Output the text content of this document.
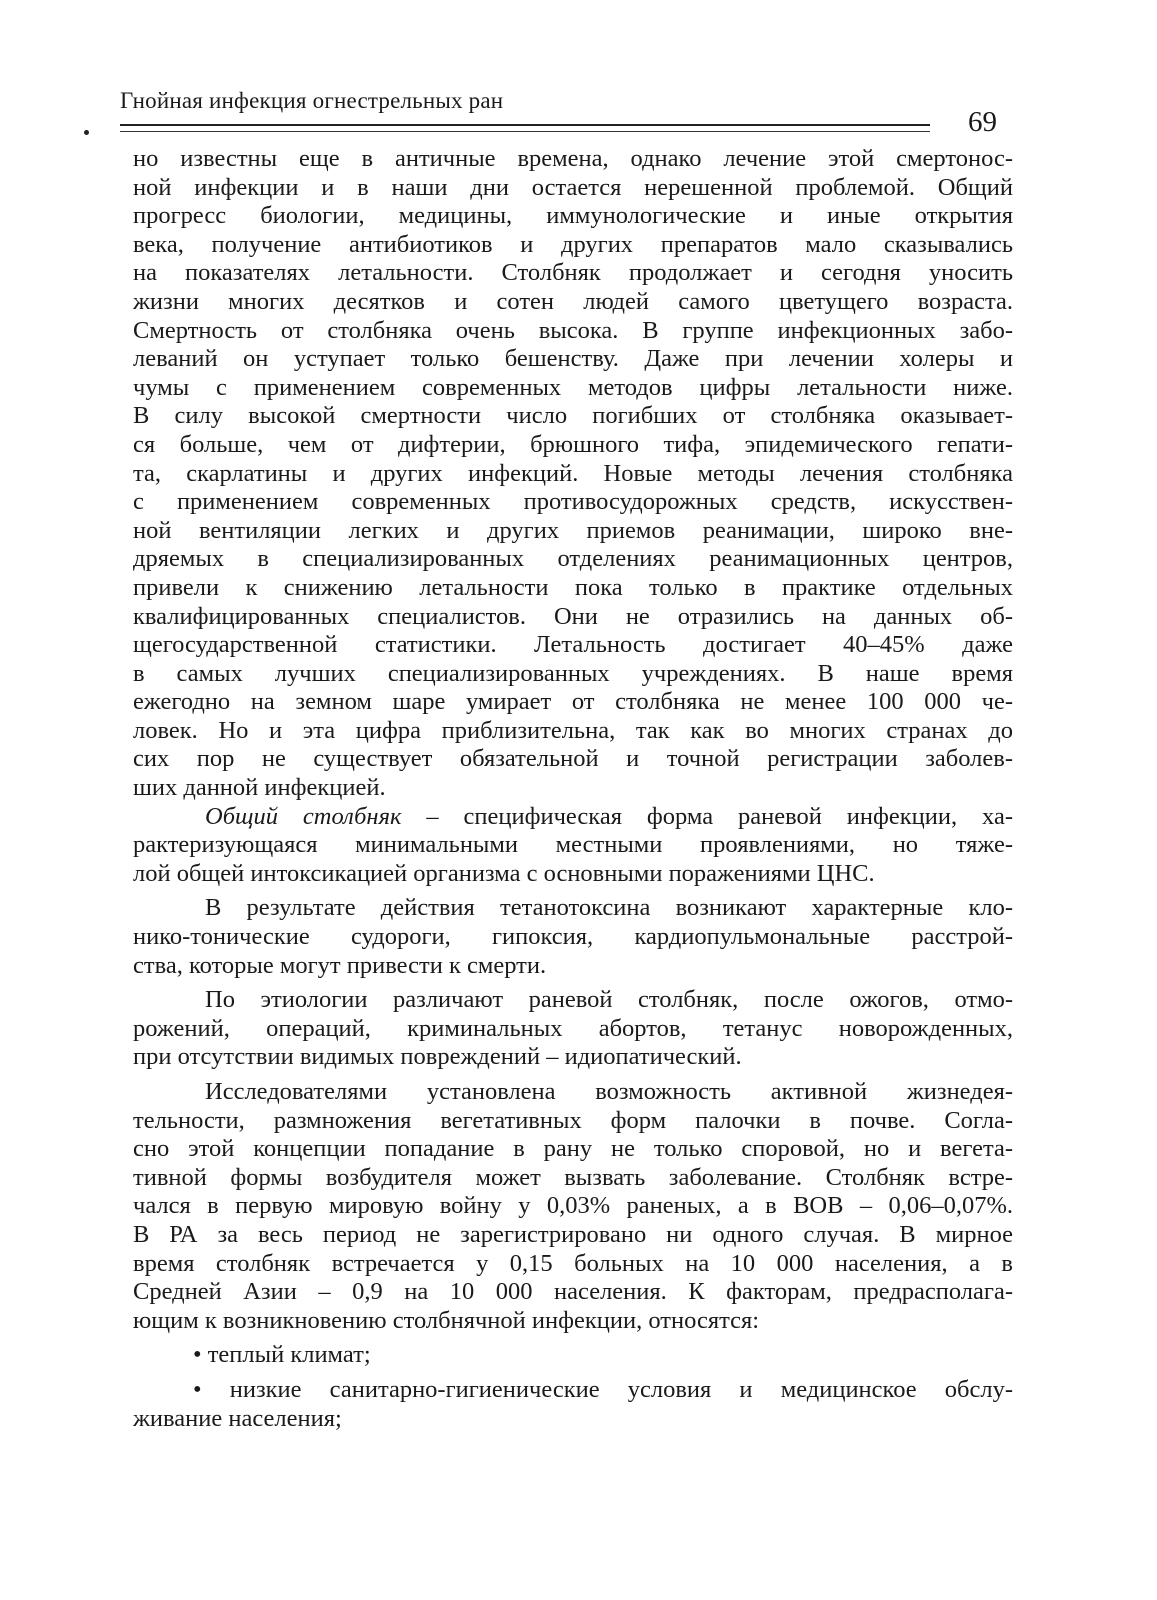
Гнойная инфекция огнестрельных ран
69
но известны еще в античные времена, однако лечение этой смертонос-
ной инфекции и в наши дни остается нерешенной проблемой. Общий
прогресс биологии, медицины, иммунологические и иные открытия
века, получение антибиотиков и других препаратов мало сказывались
на показателях летальности. Столбняк продолжает и сегодня уносить
жизни многих десятков и сотен людей самого цветущего возраста.
Смертность от столбняка очень высока. В группе инфекционных забо-
леваний он уступает только бешенству. Даже при лечении холеры и
чумы с применением современных методов цифры летальности ниже.
В силу высокой смертности число погибших от столбняка оказывает-
ся больше, чем от дифтерии, брюшного тифа, эпидемического гепати-
та, скарлатины и других инфекций. Новые методы лечения столбняка
с применением современных противосудорожных средств, искусствен-
ной вентиляции легких и других приемов реанимации, широко вне-
дряемых в специализированных отделениях реанимационных центров,
привели к снижению летальности пока только в практике отдельных
квалифицированных специалистов. Они не отразились на данных об-
щегосударственной статистики. Летальность достигает 40–45% даже
в самых лучших специализированных учреждениях. В наше время
ежегодно на земном шаре умирает от столбняка не менее 100 000 че-
ловек. Но и эта цифра приблизительна, так как во многих странах до
сих пор не существует обязательной и точной регистрации заболев-
ших данной инфекцией.
Общий столбняк – специфическая форма раневой инфекции, ха-
рактеризующаяся минимальными местными проявлениями, но тяже-
лой общей интоксикацией организма с основными поражениями ЦНС.
В результате действия тетанотоксина возникают характерные кло-
нико-тонические судороги, гипоксия, кардиопульмональные расстрой-
ства, которые могут привести к смерти.
По этиологии различают раневой столбняк, после ожогов, отмо-
рожений, операций, криминальных абортов, тетанус новорожденных,
при отсутствии видимых повреждений – идиопатический.
Исследователями установлена возможность активной жизнедея-
тельности, размножения вегетативных форм палочки в почве. Согла-
сно этой концепции попадание в рану не только споровой, но и вегета-
тивной формы возбудителя может вызвать заболевание. Столбняк встре-
чался в первую мировую войну у 0,03% раненых, а в ВОВ – 0,06–0,07%.
В РА за весь период не зарегистрировано ни одного случая. В мирное
время столбняк встречается у 0,15 больных на 10 000 населения, а в
Средней Азии – 0,9 на 10 000 населения. К факторам, предрасполага-
ющим к возникновению столбнячной инфекции, относятся:
• теплый климат;
• низкие санитарно-гигиенические условия и медицинское обслу-
живание населения;
